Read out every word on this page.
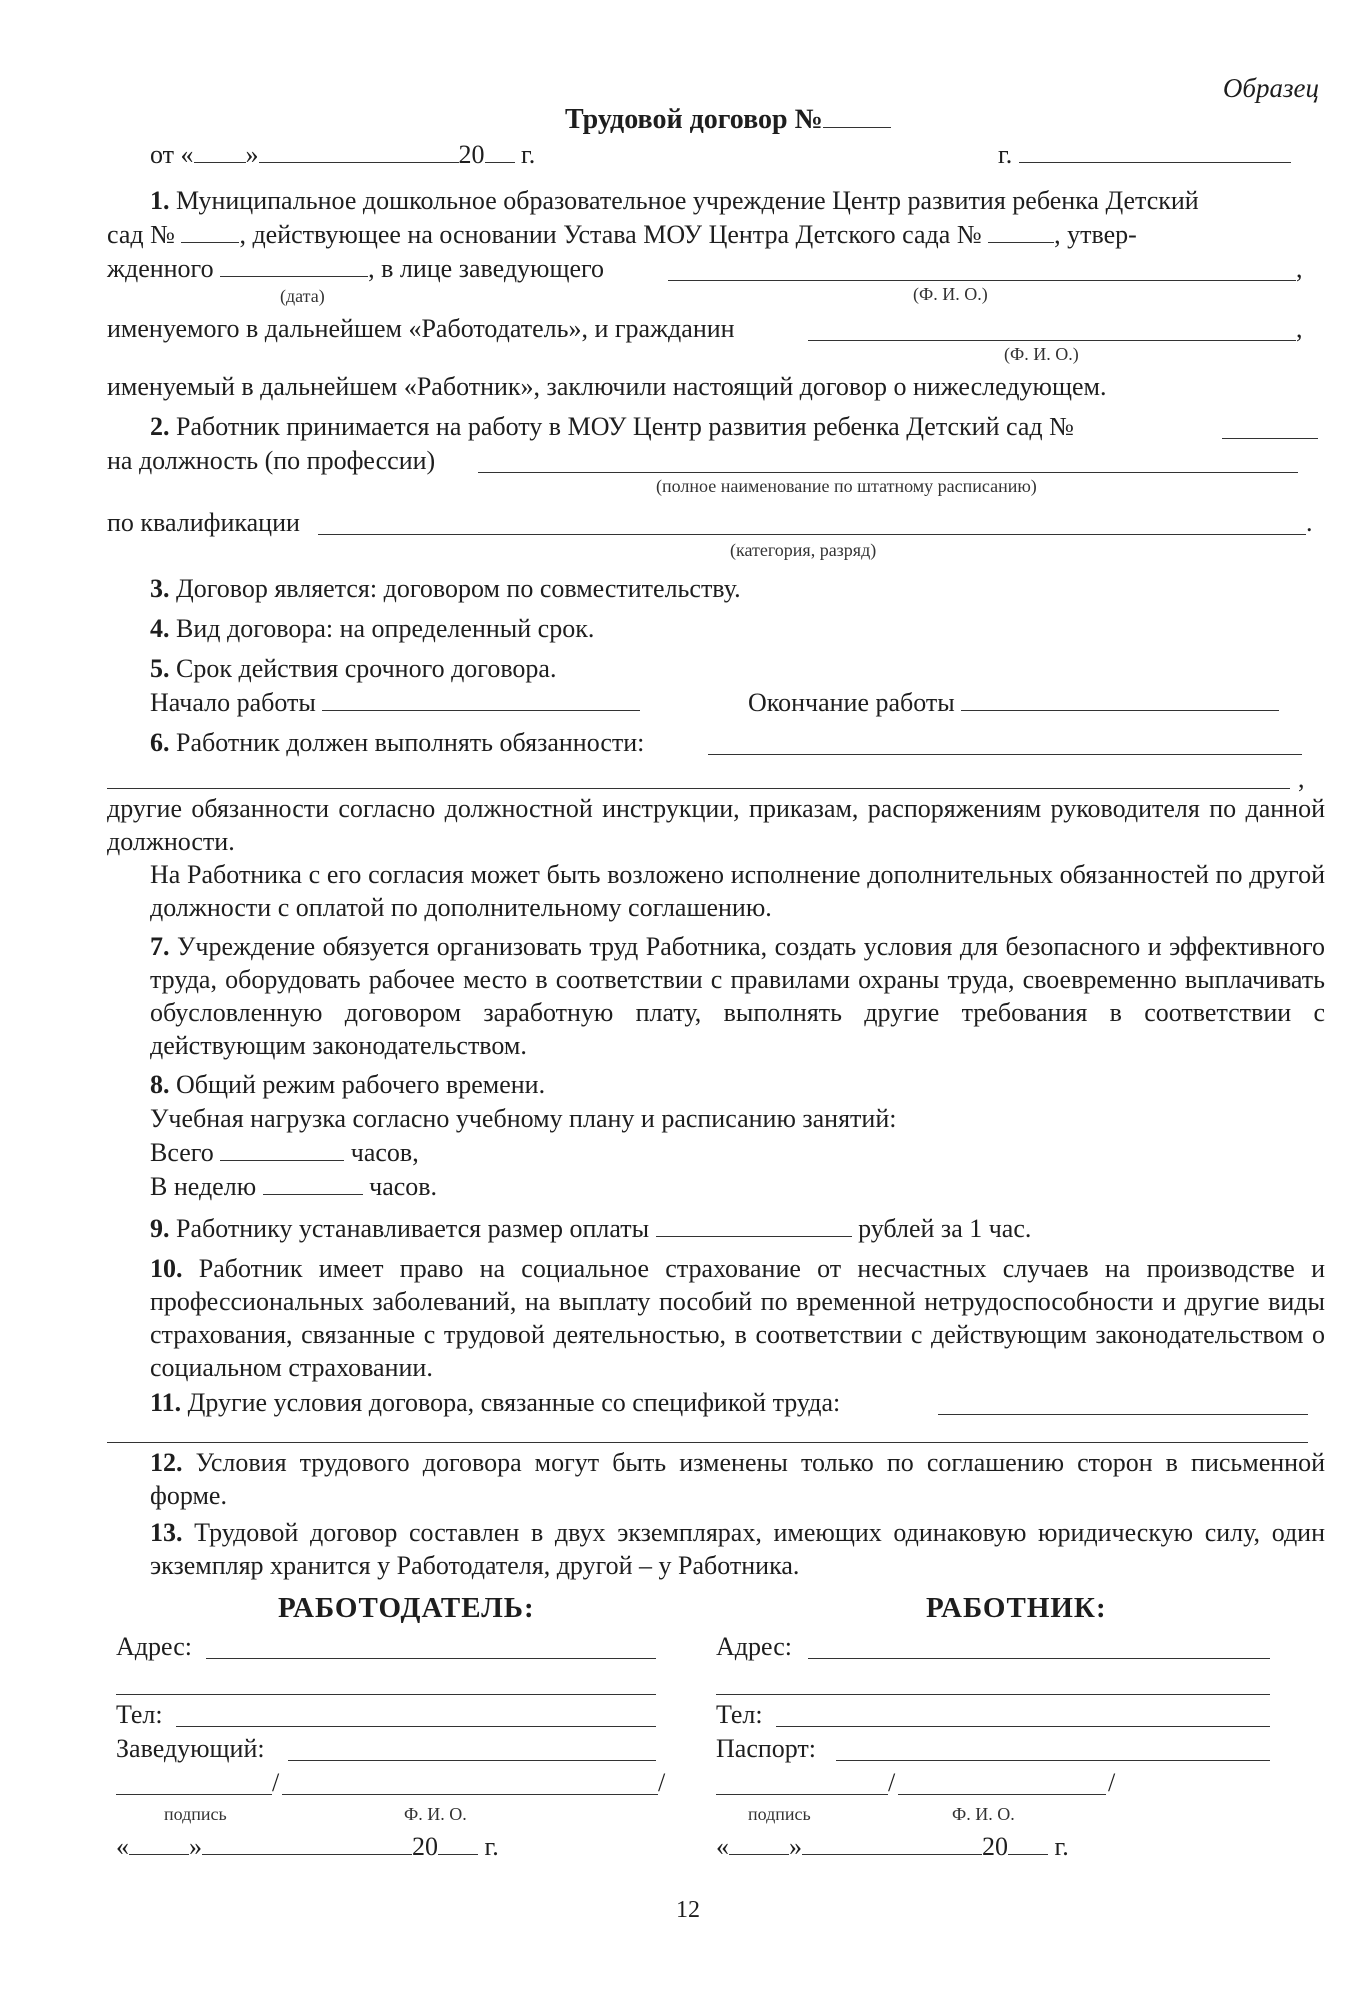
Образец
Трудовой договор №
от « »	20 г.	г.
1. Муниципальное дошкольное образовательное учреждение Центр развития ребенка Детский
сад № , действующее на основании Устава МОУ Центра Детского сада №	, утвер-
жденного	, в лице заведующего	,
(дата)	(Ф. И. О.)
именуемого в дальнейшем «Работодатель», и гражданин	,
(Ф. И. О.)
именуемый в дальнейшем «Работник», заключили настоящий договор о нижеследующем.
2. Работник принимается на работу в МОУ Центр развития ребенка Детский сад №
на должность (по профессии)
(полное наименование по штатному расписанию)
по квалификации	.
(категория, разряд)
3. Договор является: договором по совместительству.
4. Вид договора: на определенный срок.
5. Срок действия срочного договора.
Начало работы	Окончание работы
6. Работник должен выполнять обязанности:
,
другие обязанности согласно должностной инструкции, приказам, распоряжениям руководителя по данной должности.
На Работника с его согласия может быть возложено исполнение дополнительных обязанностей по другой должности с оплатой по дополнительному соглашению.
7. Учреждение обязуется организовать труд Работника, создать условия для безопасного и эффективного труда, оборудовать рабочее место в соответствии с правилами охраны труда, своевременно выплачивать обусловленную договором заработную плату, выполнять другие требования в соответствии с действующим законодательством.
8. Общий режим рабочего времени.
Учебная нагрузка согласно учебному плану и расписанию занятий:
Всего	часов,
В неделю	часов.
9. Работнику устанавливается размер оплаты	рублей за 1 час.
10. Работник имеет право на социальное страхование от несчастных случаев на производстве и профессиональных заболеваний, на выплату пособий по временной нетрудоспособности и другие виды страхования, связанные с трудовой деятельностью, в соответствии с действующим законодательством о социальном страховании.
11. Другие условия договора, связанные со спецификой труда:
12. Условия трудового договора могут быть изменены только по соглашению сторон в письменной форме.
13. Трудовой договор составлен в двух экземплярах, имеющих одинаковую юридическую силу, один экземпляр хранится у Работодателя, другой – у Работника.
РАБОТОДАТЕЛЬ:
Адрес:
Тел:
Заведующий:
/	/
подпись	Ф. И. О.
« »	20 г.
РАБОТНИК:
Адрес:
Тел:
Паспорт:
/	/
подпись	Ф. И. О.
« »	20 г.
12
